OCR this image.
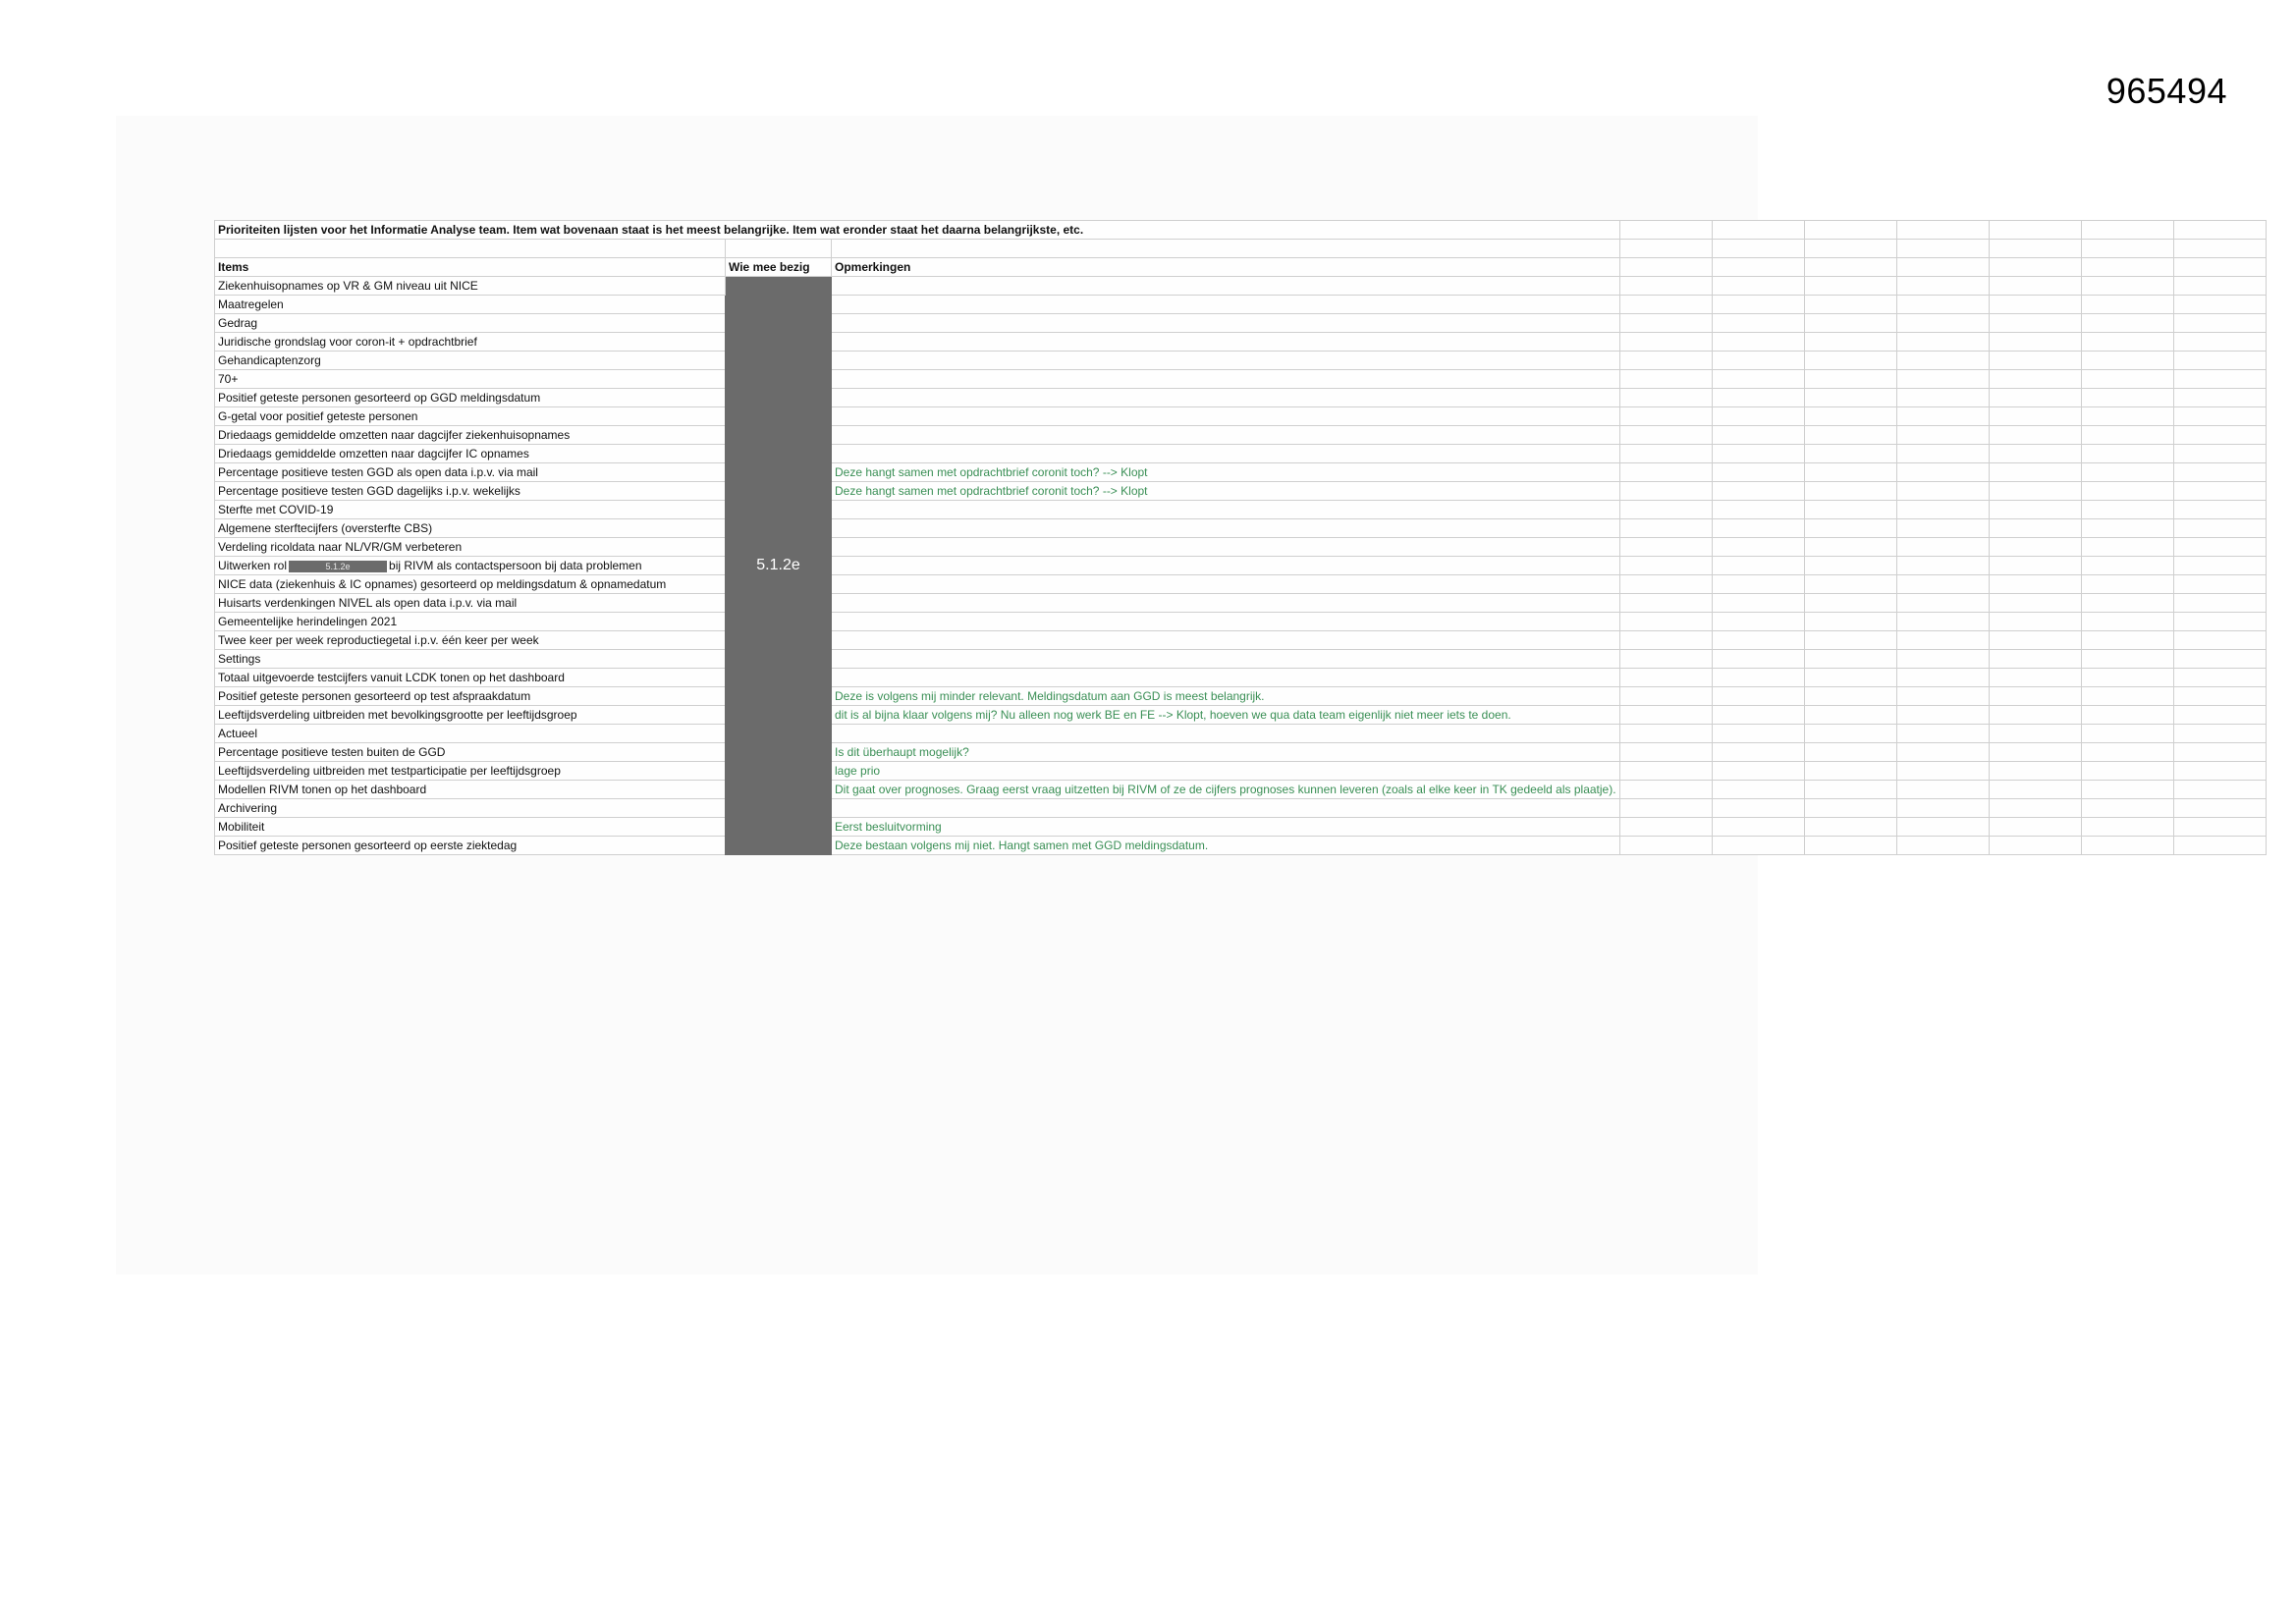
965494
Prioriteiten lijsten voor het Informatie Analyse team. Item wat bovenaan staat is het meest belangrijke. Item wat eronder staat het daarna belangrijkste, etc.									

Items	Wie mee bezig	Opmerkingen							
Ziekenhuisopnames op VR & GM niveau uit NICE	5.1.2e								
Maatregelen									
Gedrag									
Juridische grondslag voor coron-it + opdrachtbrief									
Gehandicaptenzorg									
70+									
Positief geteste personen gesorteerd op GGD meldingsdatum									
G-getal voor positief geteste personen									
Driedaags gemiddelde omzetten naar dagcijfer ziekenhuisopnames									
Driedaags gemiddelde omzetten naar dagcijfer IC opnames									
Percentage positieve testen GGD als open data i.p.v. via mail		Deze hangt samen met opdrachtbrief coronit toch? --> Klopt							
Percentage positieve testen GGD dagelijks i.p.v. wekelijks		Deze hangt samen met opdrachtbrief coronit toch? --> Klopt							
Sterfte met COVID-19									
Algemene sterftecijfers (oversterfte CBS)									
Verdeling ricoldata naar NL/VR/GM verbeteren									
Uitwerken rol 5.1.2e bij RIVM als contactspersoon bij data problemen									
NICE data (ziekenhuis & IC opnames) gesorteerd op meldingsdatum & opnamedatum									
Huisarts verdenkingen NIVEL als open data i.p.v. via mail									
Gemeentelijke herindelingen 2021									
Twee keer per week reproductiegetal i.p.v. één keer per week									
Settings									
Totaal uitgevoerde testcijfers vanuit LCDK tonen op het dashboard									
Positief geteste personen gesorteerd op test afspraakdatum		Deze is volgens mij minder relevant. Meldingsdatum aan GGD is meest belangrijk.							
Leeftijdsverdeling uitbreiden met bevolkingsgrootte per leeftijdsgroep		dit is al bijna klaar volgens mij? Nu alleen nog werk BE en FE --> Klopt, hoeven we qua data team eigenlijk niet meer iets te doen.							
Actueel									
Percentage positieve testen buiten de GGD		Is dit überhaupt mogelijk?							
Leeftijdsverdeling uitbreiden met testparticipatie per leeftijdsgroep		lage prio							
Modellen RIVM tonen op het dashboard		Dit gaat over prognoses. Graag eerst vraag uitzetten bij RIVM of ze de cijfers prognoses kunnen leveren (zoals al elke keer in TK gedeeld als plaatje).							
Archivering									
Mobiliteit		Eerst besluitvorming							
Positief geteste personen gesorteerd op eerste ziektedag		Deze bestaan volgens mij niet. Hangt samen met GGD meldingsdatum.							
